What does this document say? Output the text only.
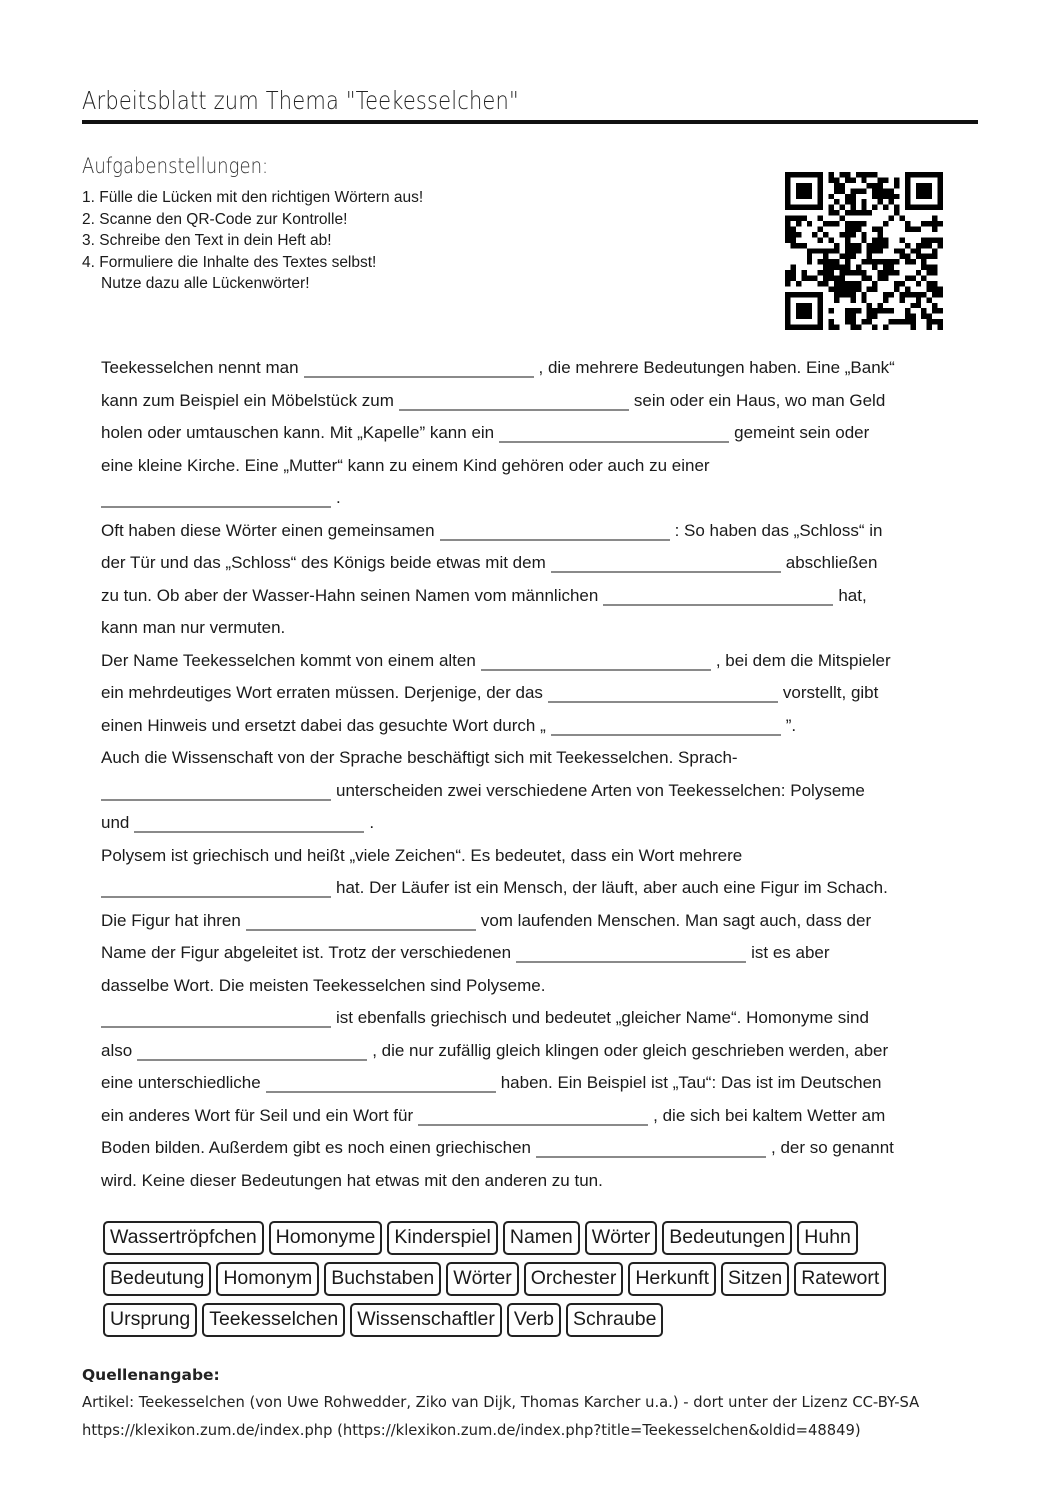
Arbeitsblatt zum Thema "Teekesselchen"
Aufgabenstellungen:
1. Fülle die Lücken mit den richtigen Wörtern aus!
2. Scanne den QR-Code zur Kontrolle!
3. Schreibe den Text in dein Heft ab!
4. Formuliere die Inhalte des Textes selbst!
Nutze dazu alle Lückenwörter!
Teekesselchen nennt man	, die mehrere Bedeutungen haben. Eine „Bank“
kann zum Beispiel ein Möbelstück zum	sein oder ein Haus, wo man Geld
holen oder umtauschen kann. Mit „Kapelle” kann ein	gemeint sein oder
eine kleine Kirche. Eine „Mutter“ kann zu einem Kind gehören oder auch zu einer
.
Oft haben diese Wörter einen gemeinsamen	: So haben das „Schloss“ in
der Tür und das „Schloss“ des Königs beide etwas mit dem	abschließen
zu tun. Ob aber der Wasser-Hahn seinen Namen vom männlichen	hat,
kann man nur vermuten.
Der Name Teekesselchen kommt von einem alten	, bei dem die Mitspieler
ein mehrdeutiges Wort erraten müssen. Derjenige, der das	vorstellt, gibt
einen Hinweis und ersetzt dabei das gesuchte Wort durch „	”.
Auch die Wissenschaft von der Sprache beschäftigt sich mit Teekesselchen. Sprach-
unterscheiden zwei verschiedene Arten von Teekesselchen: Polyseme
und	.
Polysem ist griechisch und heißt „viele Zeichen“. Es bedeutet, dass ein Wort mehrere
hat. Der Läufer ist ein Mensch, der läuft, aber auch eine Figur im Schach.
Die Figur hat ihren	vom laufenden Menschen. Man sagt auch, dass der
Name der Figur abgeleitet ist. Trotz der verschiedenen	ist es aber
dasselbe Wort. Die meisten Teekesselchen sind Polyseme.
ist ebenfalls griechisch und bedeutet „gleicher Name“. Homonyme sind
also	, die nur zufällig gleich klingen oder gleich geschrieben werden, aber
eine unterschiedliche	haben. Ein Beispiel ist „Tau“: Das ist im Deutschen
ein anderes Wort für Seil und ein Wort für	, die sich bei kaltem Wetter am
Boden bilden. Außerdem gibt es noch einen griechischen	, der so genannt
wird. Keine dieser Bedeutungen hat etwas mit den anderen zu tun.
Wassertröpfchen Homonyme Kinderspiel Namen Wörter Bedeutungen Huhn
Bedeutung Homonym Buchstaben Wörter Orchester Herkunft Sitzen Ratewort
Ursprung Teekesselchen Wissenschaftler Verb Schraube
Quellenangabe:
Artikel: Teekesselchen (von Uwe Rohwedder, Ziko van Dijk, Thomas Karcher u.a.) - dort unter der Lizenz CC-BY-SA
https://klexikon.zum.de/index.php (https://klexikon.zum.de/index.php?title=Teekesselchen&oldid=48849)
